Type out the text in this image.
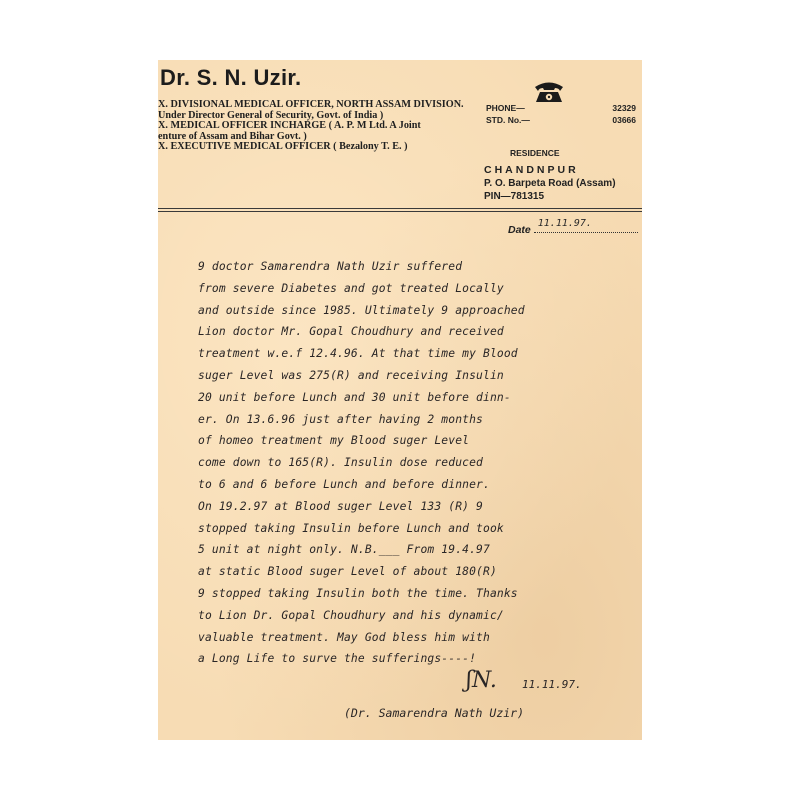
Dr. S. N. Uzir.
X. DIVISIONAL MEDICAL OFFICER, NORTH ASSAM DIVISION.
Under Director General of Security, Govt. of India )
X. MEDICAL OFFICER INCHARGE ( A. P. M Ltd. A Joint
enture of Assam and Bihar Govt. )
X. EXECUTIVE MEDICAL OFFICER ( Bezalony T. E. )
PHONE—	32329
STD. No.—	03666
RESIDENCE
CHANDNPUR
P. O. Barpeta Road (Assam)
PIN—781315
Date
11.11.97.
9 doctor Samarendra Nath Uzir suffered
from severe Diabetes and got treated Locally
and outside since 1985. Ultimately 9 approached
Lion doctor Mr. Gopal Choudhury and received
treatment w.e.f 12.4.96. At that time my Blood
suger Level was 275(R) and receiving Insulin
20 unit before Lunch and 30 unit before dinn-
er. On 13.6.96 just after having 2 months
of homeo treatment my Blood suger Level
come down to 165(R). Insulin dose reduced
to 6 and 6 before Lunch and before dinner.
On 19.2.97 at Blood suger Level 133 (R) 9
stopped taking Insulin before Lunch and took
5 unit at night only. N.B.___ From 19.4.97
at static Blood suger Level of about 180(R)
9 stopped taking Insulin both the time. Thanks
to Lion Dr. Gopal Choudhury and his dynamic/
valuable treatment. May God bless him with
a Long Life to surve the sufferings----!
ʃN. 11.11.97.
(Dr. Samarendra Nath Uzir)
